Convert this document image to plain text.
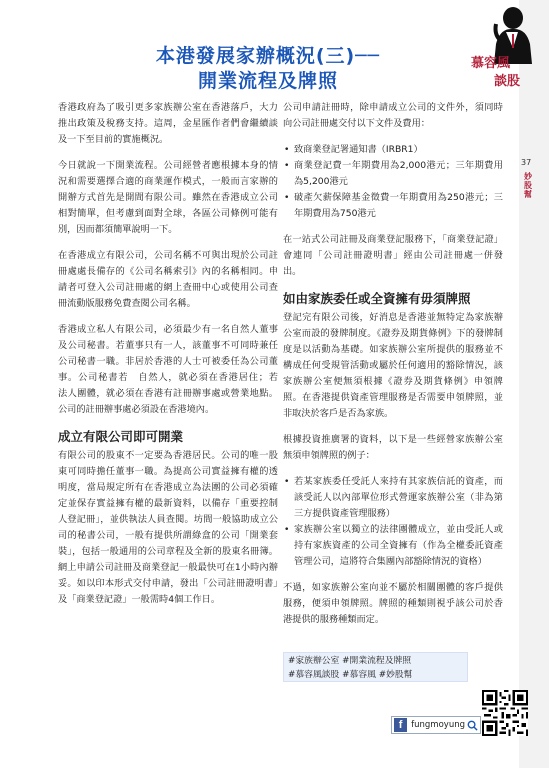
37
妙股幫
本港發展家辦概況(三)──
開業流程及牌照
慕容風
談股

香港政府為了吸引更多家族辦公室在香港落戶，大力推出政策及稅務支持。這周，金星匯作者們會繼續談及一下至目前的實施概況。

今日就說一下開業流程。公司經營者應根據本身的情況和需要選擇合適的商業運作模式，一般而言家辦的開辦方式首先是開間有限公司。雖然在香港成立公司相對簡單，但考慮到面對全球，各區公司條例可能有別，因而都須簡單說明一下。

在香港成立有限公司，公司名稱不可與出現於公司註冊處處長備存的《公司名稱索引》內的名稱相同。申請者可登入公司註冊處的網上查冊中心或使用公司查冊流動版服務免費查閱公司名稱。

香港成立私人有限公司，必須最少有一名自然人董事及公司秘書。若董事只有一人，該董事不可同時兼任公司秘書一職。非居於香港的人士可被委任為公司董事。公司秘書若　自然人，就必須在香港居住；若　法人團體，就必須在香港有註冊辦事處或營業地點。公司的註冊辦事處必須設在香港境內。

成立有限公司即可開業

有限公司的股東不一定要為香港居民。公司的唯一股東可同時擔任董事一職。為提高公司實益擁有權的透明度，當局規定所有在香港成立為法團的公司必須確定並保存實益擁有權的最新資料，以備存「重要控制人登記冊」，並供執法人員查閱。坊間一般協助成立公司的秘書公司，一般有提供所謂綠盒的公司「開業套裝」，包括一般通用的公司章程及全新的股東名冊簿。網上申請公司註冊及商業登記一般最快可在1小時內辦妥。如以印本形式交付申請，發出「公司註冊證明書」及「商業登記證」一般需時4個工作日。

公司申請註冊時，除申請成立公司的文件外，須同時向公司註冊處交付以下文件及費用：

• 致商業登記署通知書（IRBR1）
• 商業登記費一年期費用為2,000港元；三年期費用為5,200港元
• 破產欠薪保障基金徵費一年期費用為250港元；三年期費用為750港元

在一站式公司註冊及商業登記服務下，「商業登記證」會連同「公司註冊證明書」經由公司註冊處一併發出。

如由家族委任或全資擁有毋須牌照

登記完有限公司後，好消息是香港並無特定為家族辦公室而設的發牌制度。《證券及期貨條例》下的發牌制度是以活動為基礎。如家族辦公室所提供的服務並不構成任何受規管活動或屬於任何適用的豁除情況，該家族辦公室便無須根據《證券及期貨條例》申領牌照。在香港提供資產管理服務是否需要申領牌照，並非取決於客戶是否為家族。

根據投資推廣署的資料，以下是一些經營家族辦公室無須申領牌照的例子：

• 若某家族委任受託人來持有其家族信託的資產，而該受託人以內部單位形式營運家族辦公室（非為第三方提供資產管理服務）
• 家族辦公室以獨立的法律團體成立，並由受託人或持有家族資產的公司全資擁有（作為全權委託資產管理公司，這將符合集團內部豁除情況的資格）

不過，如家族辦公室向並不屬於相關團體的客戶提供服務，便須申領牌照。牌照的種類則視乎該公司於香港提供的服務種類而定。

#家族辦公室 #開業流程及牌照
#慕容風談股 #慕容風 #妙股幫
f	fungmoyung
